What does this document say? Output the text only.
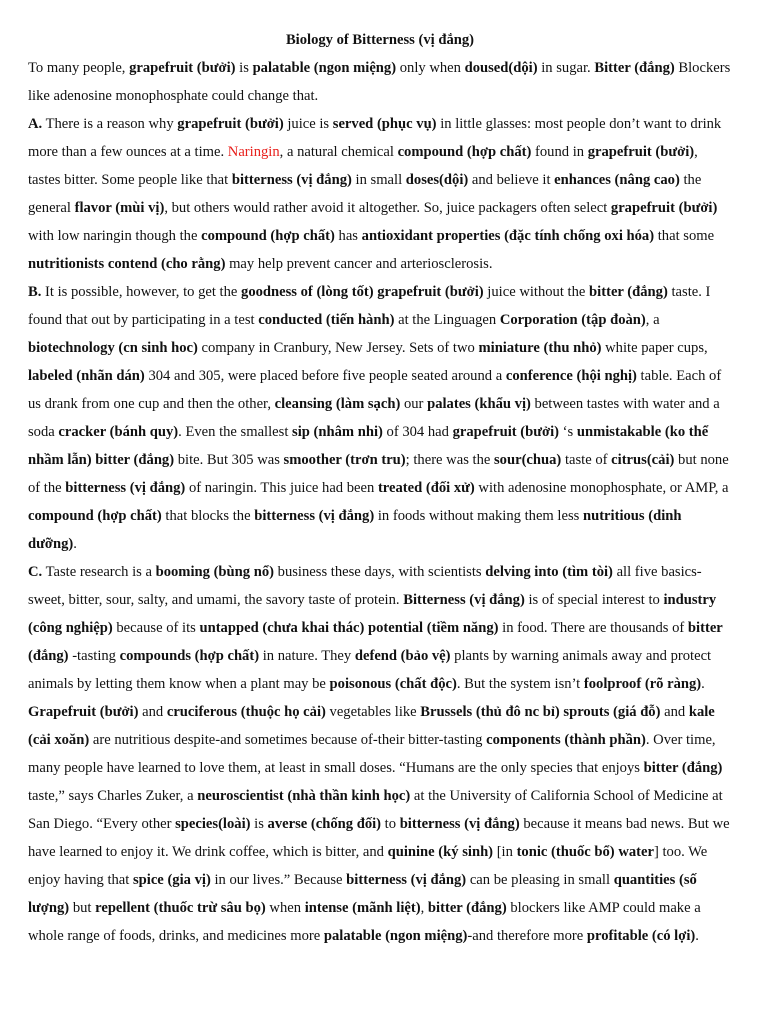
Biology of Bitterness (vị đắng)

To many people, grapefruit (bưởi) is palatable (ngon miệng) only when doused(dội) in sugar. Bitter (đắng) Blockers like adenosine monophosphate could change that.

A. There is a reason why grapefruit (bưởi) juice is served (phục vụ) in little glasses: most people don’t want to drink more than a few ounces at a time. Naringin, a natural chemical compound (hợp chất) found in grapefruit (bưởi), tastes bitter. Some people like that bitterness (vị đắng) in small doses(dội) and believe it enhances (nâng cao) the general flavor (mùi vị), but others would rather avoid it altogether. So, juice packagers often select grapefruit (bưởi) with low naringin though the compound (hợp chất) has antioxidant properties (đặc tính chống oxi hóa) that some nutritionists contend (cho rằng) may help prevent cancer and arteriosclerosis.

B. It is possible, however, to get the goodness of (lòng tốt) grapefruit (bưởi) juice without the bitter (đắng) taste. I found that out by participating in a test conducted (tiến hành) at the Linguagen Corporation (tập đoàn), a biotechnology (cn sinh hoc) company in Cranbury, New Jersey. Sets of two miniature (thu nhỏ) white paper cups, labeled (nhãn dán) 304 and 305, were placed before five people seated around a conference (hội nghị) table. Each of us drank from one cup and then the other, cleansing (làm sạch) our palates (khẩu vị) between tastes with water and a soda cracker (bánh quy). Even the smallest sip (nhâm nhi) of 304 had grapefruit (bưởi) ‘s unmistakable (ko thể nhầm lẫn) bitter (đắng) bite. But 305 was smoother (trơn tru); there was the sour(chua) taste of citrus(cải) but none of the bitterness (vị đắng) of naringin. This juice had been treated (đối xử) with adenosine monophosphate, or AMP, a compound (hợp chất) that blocks the bitterness (vị đắng) in foods without making them less nutritious (dinh dưỡng).

C. Taste research is a booming (bùng nổ) business these days, with scientists delving into (tìm tòi) all five basics-sweet, bitter, sour, salty, and umami, the savory taste of protein. Bitterness (vị đắng) is of special interest to industry (công nghiệp) because of its untapped (chưa khai thác) potential (tiềm năng) in food. There are thousands of bitter (đắng) -tasting compounds (hợp chất) in nature. They defend (bảo vệ) plants by warning animals away and protect animals by letting them know when a plant may be poisonous (chất độc). But the system isn’t foolproof (rõ ràng). Grapefruit (bưởi) and cruciferous (thuộc họ cải) vegetables like Brussels (thủ đô nc bỉ) sprouts (giá đỗ) and kale (cải xoăn) are nutritious despite-and sometimes because of-their bitter-tasting components (thành phần). Over time, many people have learned to love them, at least in small doses. “Humans are the only species that enjoys bitter (đắng) taste,” says Charles Zuker, a neuroscientist (nhà thần kinh học) at the University of California School of Medicine at San Diego. “Every other species(loài) is averse (chống đối) to bitterness (vị đắng) because it means bad news. But we have learned to enjoy it. We drink coffee, which is bitter, and quinine (ký sinh) [in tonic (thuốc bổ) water] too. We enjoy having that spice (gia vị) in our lives.” Because bitterness (vị đắng) can be pleasing in small quantities (số lượng) but repellent (thuốc trừ sâu bọ) when intense (mãnh liệt), bitter (đắng) blockers like AMP could make a whole range of foods, drinks, and medicines more palatable (ngon miệng)-and therefore more profitable (có lợi).
